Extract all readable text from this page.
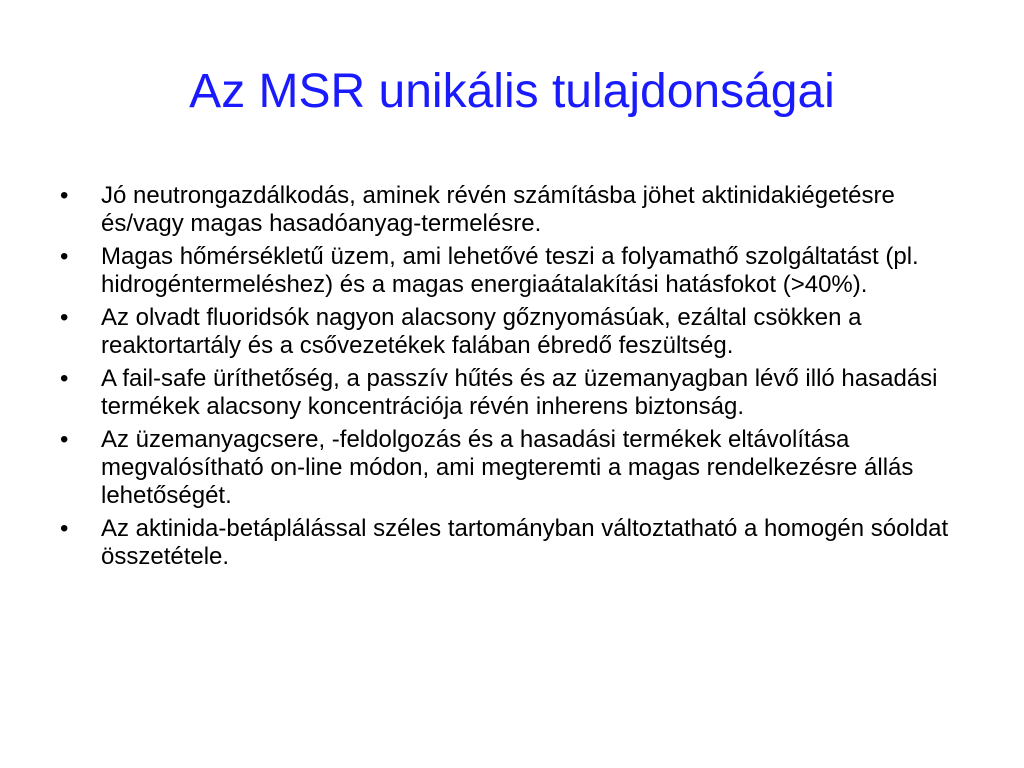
Az MSR unikális tulajdonságai
•	Jó neutrongazdálkodás, aminek révén számításba jöhet aktinidakiégetésre és/vagy magas hasadóanyag-termelésre.
•	Magas hőmérsékletű üzem, ami lehetővé teszi a folyamathő szolgáltatást (pl. hidrogéntermeléshez) és a magas energiaátalakítási hatásfokot (>40%).
•	Az olvadt fluoridsók nagyon alacsony gőznyomásúak, ezáltal csökken a reaktortartály és a csővezetékek falában ébredő feszültség.
•	A fail-safe üríthetőség, a passzív hűtés és az üzemanyagban lévő illó hasadási termékek alacsony koncentrációja révén inherens biztonság.
•	Az üzemanyagcsere, -feldolgozás és a hasadási termékek eltávolítása megvalósítható on-line módon, ami megteremti a magas rendelkezésre állás lehetőségét.
•	Az aktinida-betáplálással széles tartományban változtatható a homogén sóoldat összetétele.
